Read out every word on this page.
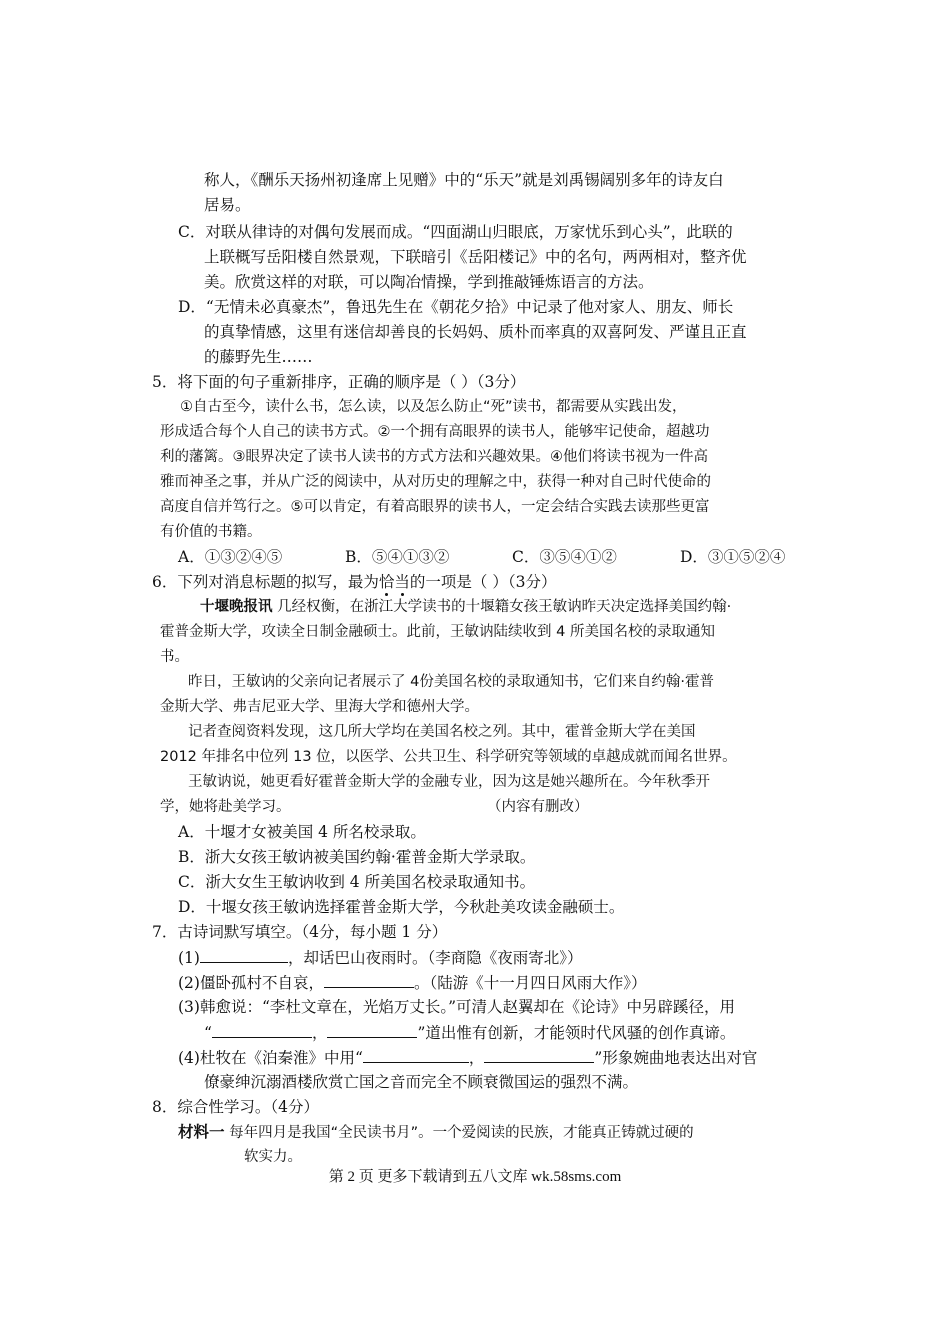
称人，《酬乐天扬州初逢席上见赠》中的“乐天”就是刘禹锡阔别多年的诗友白
居易。
C．对联从律诗的对偶句发展而成。“四面湖山归眼底，万家忧乐到心头”，此联的
上联概写岳阳楼自然景观，下联暗引《岳阳楼记》中的名句，两两相对，整齐优
美。欣赏这样的对联，可以陶冶情操，学到推敲锤炼语言的方法。
D．“无情未必真豪杰”，鲁迅先生在《朝花夕拾》中记录了他对家人、朋友、师长
的真挚情感，这里有迷信却善良的长妈妈、质朴而率真的双喜阿发、严谨且正直
的藤野先生……
5．将下面的句子重新排序，正确的顺序是（ ）（3分）
①自古至今，读什么书，怎么读，以及怎么防止“死”读书，都需要从实践出发，
形成适合每个人自己的读书方式。②一个拥有高眼界的读书人，能够牢记使命，超越功
利的藩篱。③眼界决定了读书人读书的方式方法和兴趣效果。④他们将读书视为一件高
雅而神圣之事，并从广泛的阅读中，从对历史的理解之中，获得一种对自己时代使命的
高度自信并笃行之。⑤可以肯定，有着高眼界的读书人，一定会结合实践去读那些更富
有价值的书籍。
A．①③②④⑤	B．⑤④①③②	C．③⑤④①②	D．③①⑤②④
6．下列对消息标题的拟写，最为恰当的一项是（ ）（3分）
十堰晚报讯 几经权衡，在浙江大学读书的十堰籍女孩王敏讷昨天决定选择美国约翰·
霍普金斯大学，攻读全日制金融硕士。此前，王敏讷陆续收到 4 所美国名校的录取通知
书。
昨日，王敏讷的父亲向记者展示了 4份美国名校的录取通知书，它们来自约翰·霍普
金斯大学、弗吉尼亚大学、里海大学和德州大学。
记者查阅资料发现，这几所大学均在美国名校之列。其中，霍普金斯大学在美国
2012 年排名中位列 13 位，以医学、公共卫生、科学研究等领域的卓越成就而闻名世界。
王敏讷说，她更看好霍普金斯大学的金融专业，因为这是她兴趣所在。今年秋季开
学，她将赴美学习。	（内容有删改）
A．十堰才女被美国 4 所名校录取。
B．浙大女孩王敏讷被美国约翰·霍普金斯大学录取。
C．浙大女生王敏讷收到 4 所美国名校录取通知书。
D．十堰女孩王敏讷选择霍普金斯大学，今秋赴美攻读金融硕士。
7．古诗词默写填空。（4分，每小题 1 分）
(1)	，却话巴山夜雨时。（李商隐《夜雨寄北》）
(2)僵卧孤村不自哀，	。（陆游《十一月四日风雨大作》）
(3)韩愈说：“李杜文章在，光焰万丈长。”可清人赵翼却在《论诗》中另辟蹊径，用
“	，	”道出惟有创新，才能领时代风骚的创作真谛。
(4)杜牧在《泊秦淮》中用“	，	”形象婉曲地表达出对官
僚豪绅沉溺酒楼欣赏亡国之音而完全不顾衰微国运的强烈不满。
8．综合性学习。（4分）
材料一 每年四月是我国“全民读书月”。一个爱阅读的民族，才能真正铸就过硬的
软实力。
第 2 页 更多下载请到五八文库 wk.58sms.com
